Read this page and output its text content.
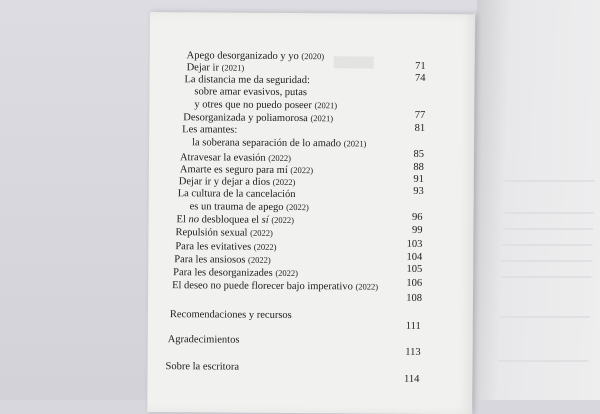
Apego desorganizado y yo (2020)
71
Dejar ir (2021)
74
La distancia me da seguridad:
sobre amar evasivos, putas
y otres que no puedo poseer (2021)
77
Desorganizada y poliamorosa (2021)
81
Les amantes:
la soberana separación de lo amado (2021)
85
Atravesar la evasión (2022)
88
Amarte es seguro para mí (2022)
91
Dejar ir y dejar a dios (2022)
93
La cultura de la cancelación
es un trauma de apego (2022)
96
El no desbloquea el sí (2022)
99
Repulsión sexual (2022)
103
Para les evitatives (2022)
104
Para les ansiosos (2022)
105
Para les desorganizades (2022)
106
El deseo no puede florecer bajo imperativo (2022)
108
Recomendaciones y recursos
111
Agradecimientos
113
Sobre la escritora
114
